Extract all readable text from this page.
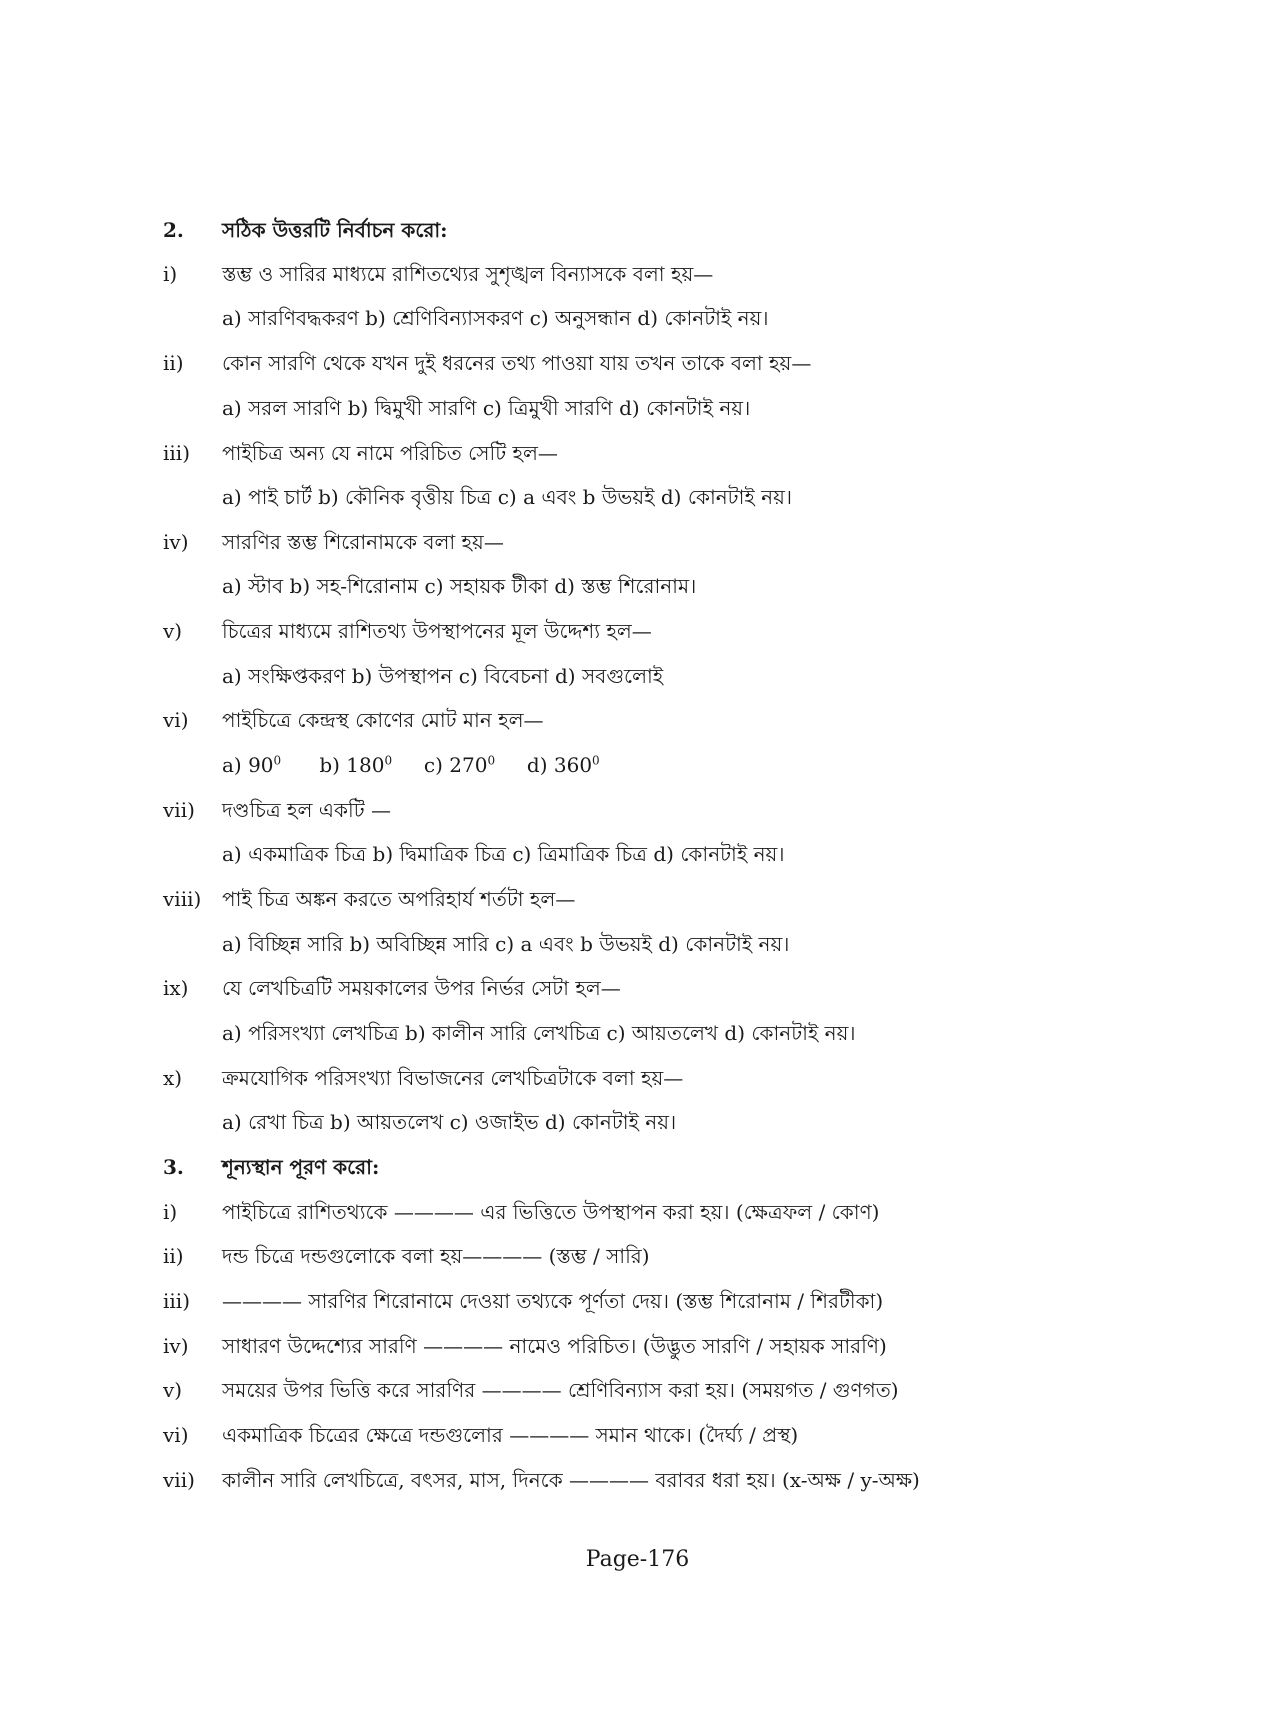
2. সঠিক উত্তরটি নির্বাচন করো:
i) স্তম্ভ ও সারির মাধ্যমে রাশিতথ্যের সুশৃঙ্খল বিন্যাসকে বলা হয়—
a) সারণিবদ্ধকরণ b) শ্রেণিবিন্যাসকরণ c) অনুসন্ধান d) কোনটাই নয়।
ii) কোন সারণি থেকে যখন দুই ধরনের তথ্য পাওয়া যায় তখন তাকে বলা হয়—
a) সরল সারণি b) দ্বিমুখী সারণি c) ত্রিমুখী সারণি d) কোনটাই নয়।
iii) পাইচিত্র অন্য যে নামে পরিচিত সেটি হল—
a) পাই চার্ট b) কৌনিক বৃত্তীয় চিত্র c) a এবং b উভয়ই d) কোনটাই নয়।
iv) সারণির স্তম্ভ শিরোনামকে বলা হয়—
a) স্টাব b) সহ-শিরোনাম c) সহায়ক টীকা d) স্তম্ভ শিরোনাম।
v) চিত্রের মাধ্যমে রাশিতথ্য উপস্থাপনের মূল উদ্দেশ্য হল—
a) সংক্ষিপ্তকরণ b) উপস্থাপন c) বিবেচনা d) সবগুলোই
vi) পাইচিত্রে কেন্দ্রস্থ কোণের মোট মান হল—
a) $90^0$ b) $180^0$ c) $270^0$ d) $360^0$
vii) দণ্ডচিত্র হল একটি —
a) একমাত্রিক চিত্র b) দ্বিমাত্রিক চিত্র c) ত্রিমাত্রিক চিত্র d) কোনটাই নয়।
viii) পাই চিত্র অঙ্কন করতে অপরিহার্য শর্তটা হল—
a) বিচ্ছিন্ন সারি b) অবিচ্ছিন্ন সারি c) a এবং b উভয়ই d) কোনটাই নয়।
ix) যে লেখচিত্রটি সময়কালের উপর নির্ভর সেটা হল—
a) পরিসংখ্যা লেখচিত্র b) কালীন সারি লেখচিত্র c) আয়তলেখ d) কোনটাই নয়।
x) ক্রমযোগিক পরিসংখ্যা বিভাজনের লেখচিত্রটাকে বলা হয়—
a) রেখা চিত্র b) আয়তলেখ c) ওজাইভ d) কোনটাই নয়।
3. শূন্যস্থান পূরণ করো:
i) পাইচিত্রে রাশিতথ্যকে ———— এর ভিত্তিতে উপস্থাপন করা হয়। (ক্ষেত্রফল / কোণ)
ii) দন্ড চিত্রে দন্ডগুলোকে বলা হয়———— (স্তম্ভ / সারি)
iii) ———— সারণির শিরোনামে দেওয়া তথ্যকে পূর্ণতা দেয়। (স্তম্ভ শিরোনাম / শিরটীকা)
iv) সাধারণ উদ্দেশ্যের সারণি ———— নামেও পরিচিত। (উদ্ভুত সারণি / সহায়ক সারণি)
v) সময়ের উপর ভিত্তি করে সারণির ———— শ্রেণিবিন্যাস করা হয়। (সময়গত / গুণগত)
vi) একমাত্রিক চিত্রের ক্ষেত্রে দন্ডগুলোর ———— সমান থাকে। (দৈর্ঘ্য / প্রস্থ)
vii) কালীন সারি লেখচিত্রে, বৎসর, মাস, দিনকে ———— বরাবর ধরা হয়। (x-অক্ষ / y-অক্ষ)
Page-176
